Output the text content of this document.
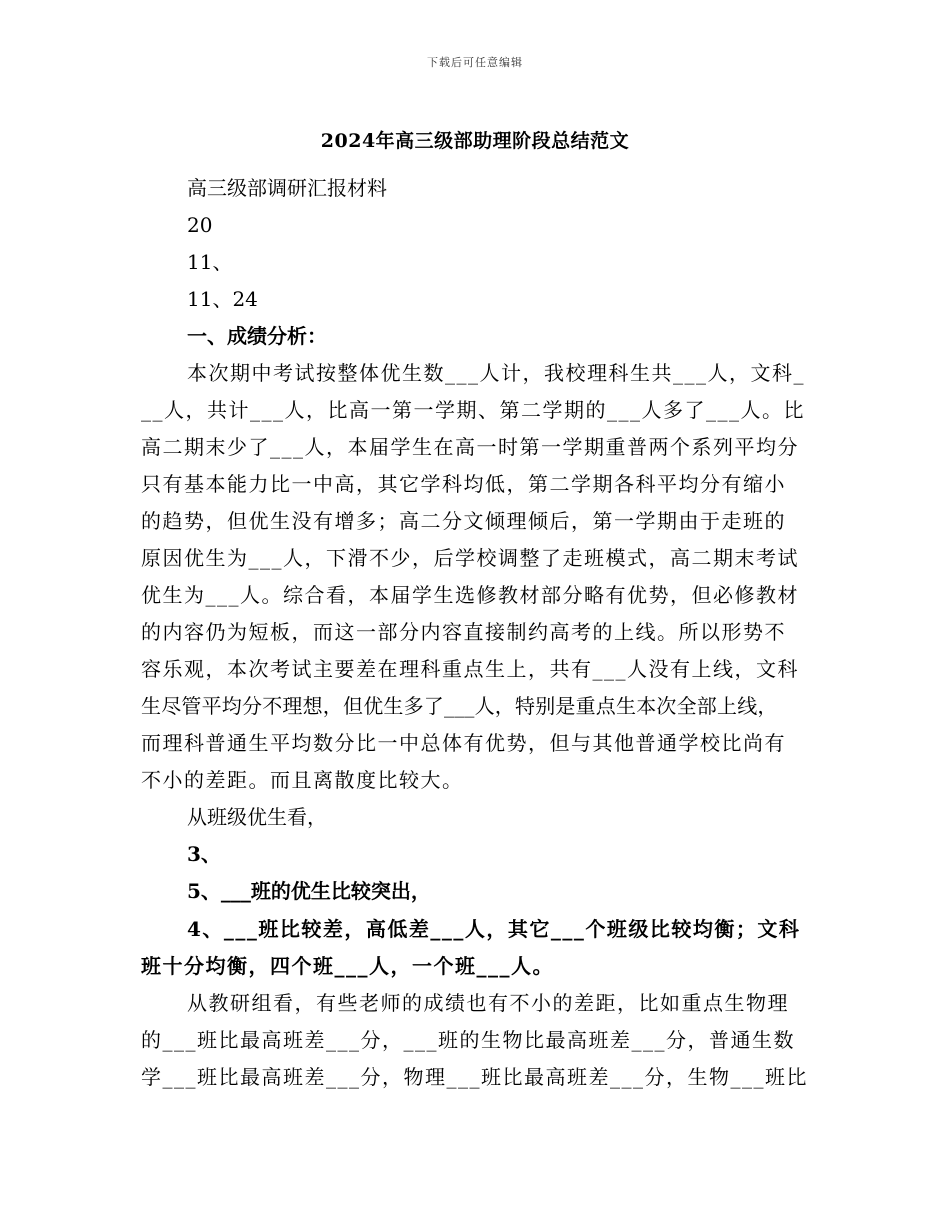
下载后可任意编辑
2024年高三级部助理阶段总结范文
高三级部调研汇报材料
20
11、
11、24
一、成绩分析：
本次期中考试按整体优生数___人计，我校理科生共___人，文科_
__人，共计___人，比高一第一学期、第二学期的___人多了___人。比
高二期末少了___人，本届学生在高一时第一学期重普两个系列平均分
只有基本能力比一中高，其它学科均低，第二学期各科平均分有缩小
的趋势，但优生没有增多；高二分文倾理倾后，第一学期由于走班的
原因优生为___人，下滑不少，后学校调整了走班模式，高二期末考试
优生为___人。综合看，本届学生选修教材部分略有优势，但必修教材
的内容仍为短板，而这一部分内容直接制约高考的上线。所以形势不
容乐观，本次考试主要差在理科重点生上，共有___人没有上线，文科
生尽管平均分不理想，但优生多了___人，特别是重点生本次全部上线，
而理科普通生平均数分比一中总体有优势，但与其他普通学校比尚有
不小的差距。而且离散度比较大。
从班级优生看，
3、
5、___班的优生比较突出，
4、___班比较差，高低差___人，其它___个班级比较均衡；文科
班十分均衡，四个班___人，一个班___人。
从教研组看，有些老师的成绩也有不小的差距，比如重点生物理
的___班比最高班差___分，___班的生物比最高班差___分，普通生数
学___班比最高班差___分，物理___班比最高班差___分，生物___班比
